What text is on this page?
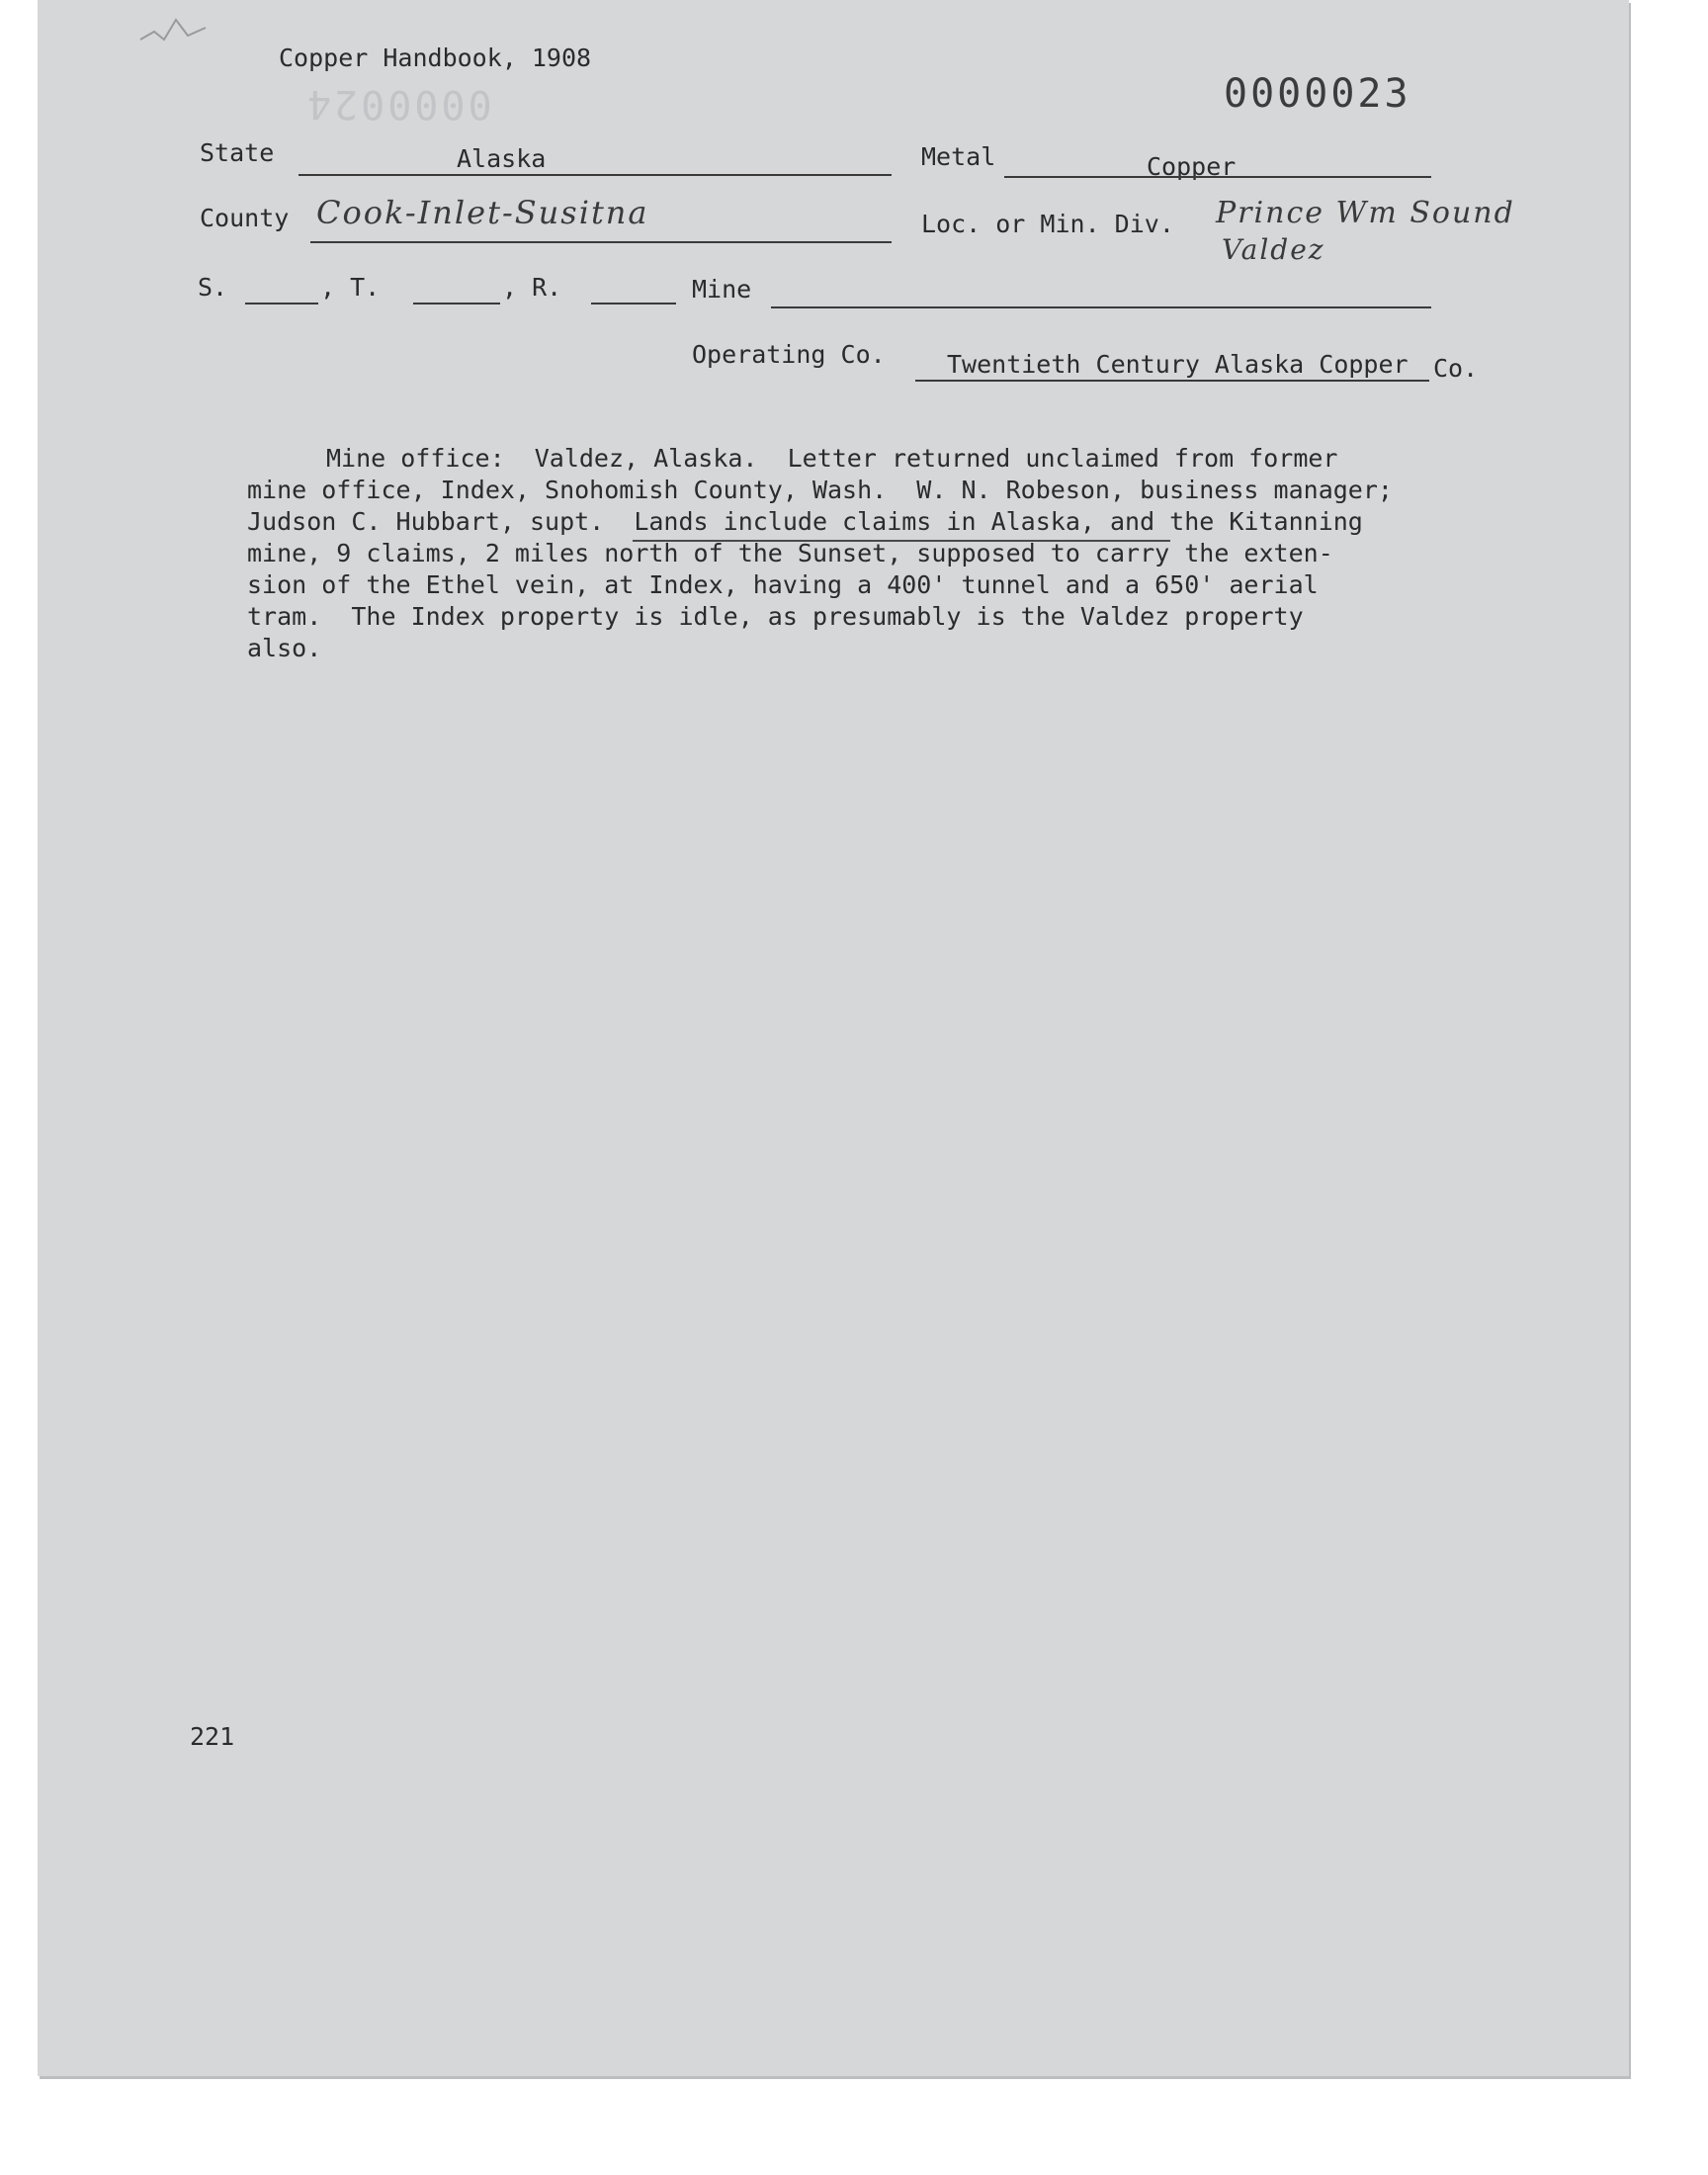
Copper Handbook, 1908
0000023
0000024
State	Alaska	Metal	Copper
County Cook-Inlet-Susitna	Loc. or Min. Div. Prince Wm Sound
Valdez
S.	, T.	, R.	Mine
Operating Co. Twentieth Century Alaska Copper Co.
Mine office:  Valdez, Alaska.  Letter returned unclaimed from former
mine office, Index, Snohomish County, Wash.  W. N. Robeson, business manager;
Judson C. Hubbart, supt.  Lands include claims in Alaska, and the Kitanning
mine, 9 claims, 2 miles north of the Sunset, supposed to carry the exten-
sion of the Ethel vein, at Index, having a 400' tunnel and a 650' aerial
tram.  The Index property is idle, as presumably is the Valdez property
also.
221
